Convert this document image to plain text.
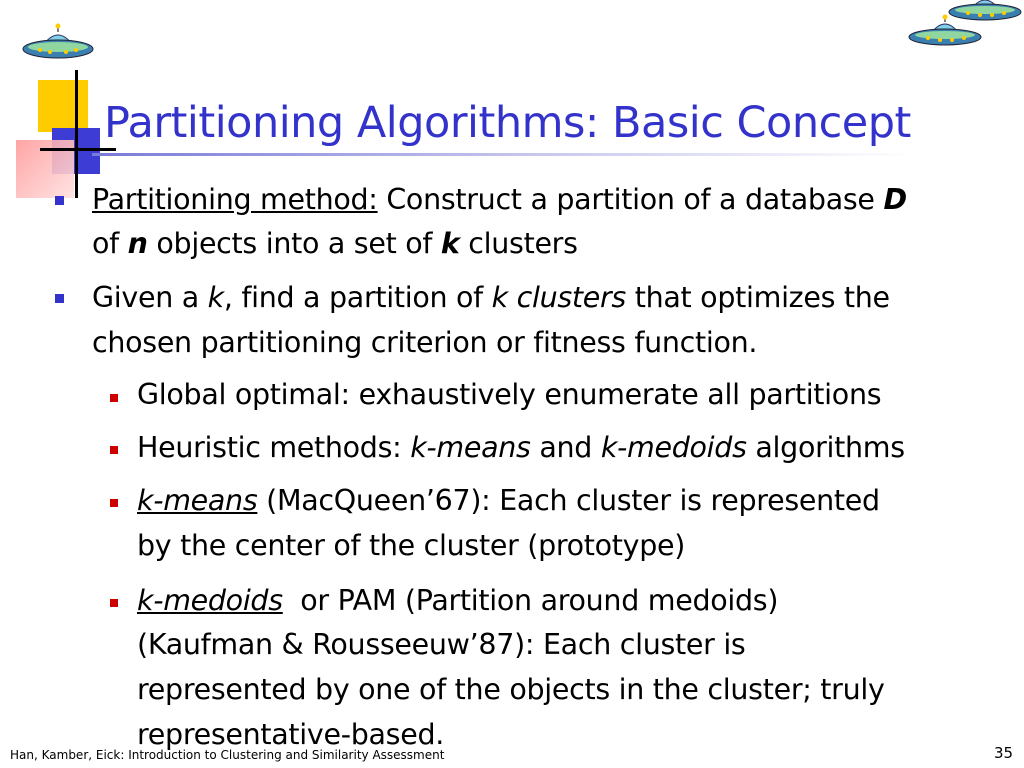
Partitioning Algorithms: Basic Concept
Partitioning method: Construct a partition of a database D
of n objects into a set of k clusters
Given a k, find a partition of k clusters that optimizes the
chosen partitioning criterion or fitness function.
Global optimal: exhaustively enumerate all partitions
Heuristic methods: k-means and k-medoids algorithms
k-means (MacQueen’67): Each cluster is represented
by the center of the cluster (prototype)
k-medoids  or PAM (Partition around medoids)
(Kaufman & Rousseeuw’87): Each cluster is
represented by one of the objects in the cluster; truly
representative-based.
Han, Kamber, Eick: Introduction to Clustering and Similarity Assessment	35
